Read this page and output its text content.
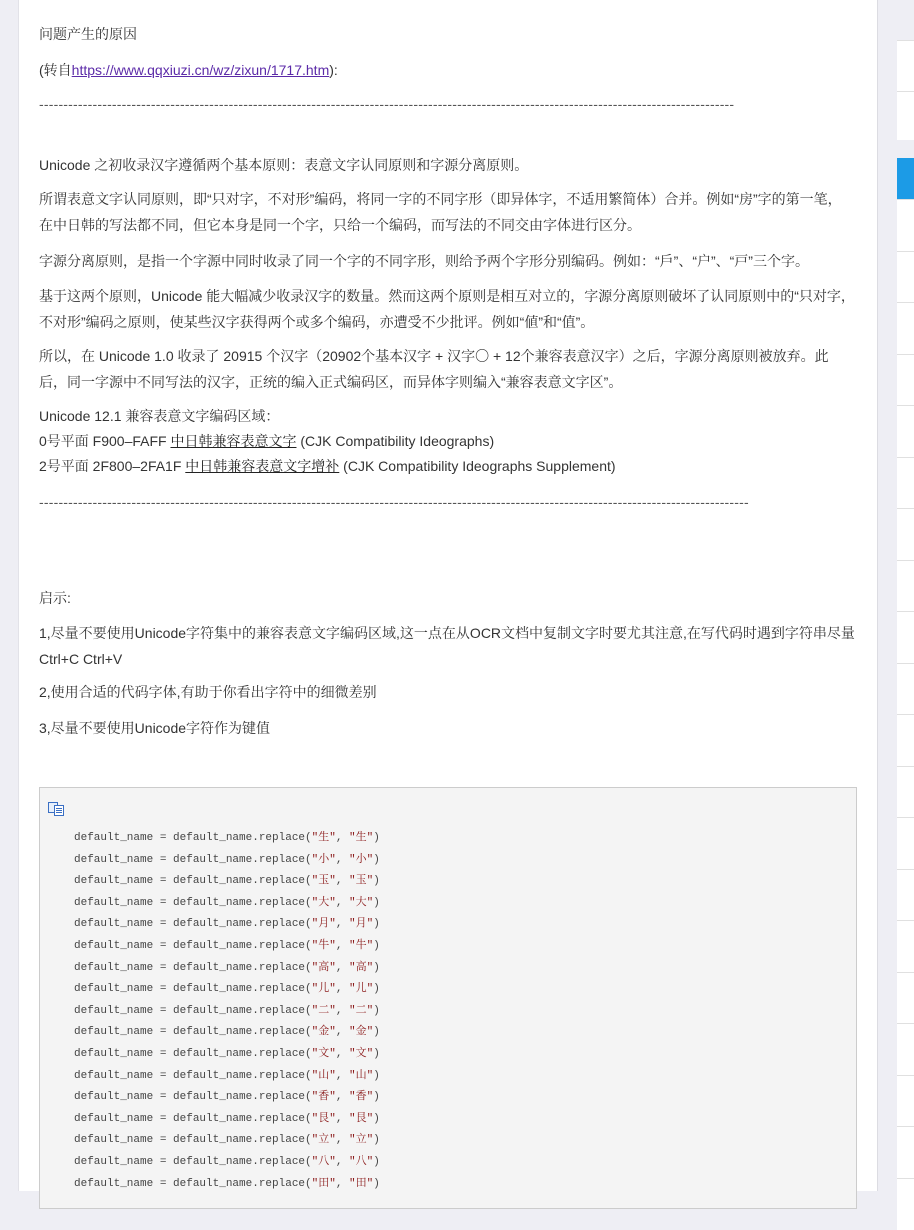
问题产生的原因
(转自https://www.qqxiuzi.cn/wz/zixun/1717.htm):
-----------------------------------------------------------------------------------------------------------------------------------------------
Unicode 之初收录汉字遵循两个基本原则：表意文字认同原则和字源分离原则。
所谓表意文字认同原则，即“只对字，不对形”编码，将同一字的不同字形（即异体字，不适用繁简体）合并。例如“房”字的第一笔，在中日韩的写法都不同，但它本身是同一个字，只给一个编码，而写法的不同交由字体进行区分。
字源分离原则，是指一个字源中同时收录了同一个字的不同字形，则给予两个字形分别编码。例如：“戶”、“户”、“戸”三个字。
基于这两个原则，Unicode 能大幅减少收录汉字的数量。然而这两个原则是相互对立的，字源分离原则破坏了认同原则中的“只对字，不对形”编码之原则，使某些汉字获得两个或多个编码，亦遭受不少批评。例如“値”和“值”。
所以，在 Unicode 1.0 收录了 20915 个汉字（20902个基本汉字 + 汉字〇 + 12个兼容表意汉字）之后，字源分离原则被放弃。此后，同一字源中不同写法的汉字，正统的编入正式编码区，而异体字则编入“兼容表意文字区”。
Unicode 12.1 兼容表意文字编码区域：
0号平面 F900–FAFF 中日韩兼容表意文字 (CJK Compatibility Ideographs)
2号平面 2F800–2FA1F 中日韩兼容表意文字增补 (CJK Compatibility Ideographs Supplement)
--------------------------------------------------------------------------------------------------------------------------------------------------
启示:
1,尽量不要使用Unicode字符集中的兼容表意文字编码区域,这一点在从OCR文档中复制文字时要尤其注意,在写代码时遇到字符串尽量Ctrl+C Ctrl+V
2,使用合适的代码字体,有助于你看出字符中的细微差别
3,尽量不要使用Unicode字符作为键值
default_name = default_name.replace("⽣", "生")
default_name = default_name.replace("⼩", "小")
default_name = default_name.replace("⽟", "玉")
default_name = default_name.replace("⼤", "大")
default_name = default_name.replace("⽉", "月")
default_name = default_name.replace("⽜", "牛")
default_name = default_name.replace("⾼", "高")
default_name = default_name.replace("⼉", "儿")
default_name = default_name.replace("⼆", "二")
default_name = default_name.replace("⾦", "金")
default_name = default_name.replace("⽂", "文")
default_name = default_name.replace("⼭", "山")
default_name = default_name.replace("⾹", "香")
default_name = default_name.replace("⾉", "艮")
default_name = default_name.replace("⽴", "立")
default_name = default_name.replace("⼋", "八")
default_name = default_name.replace("⽥", "田")
